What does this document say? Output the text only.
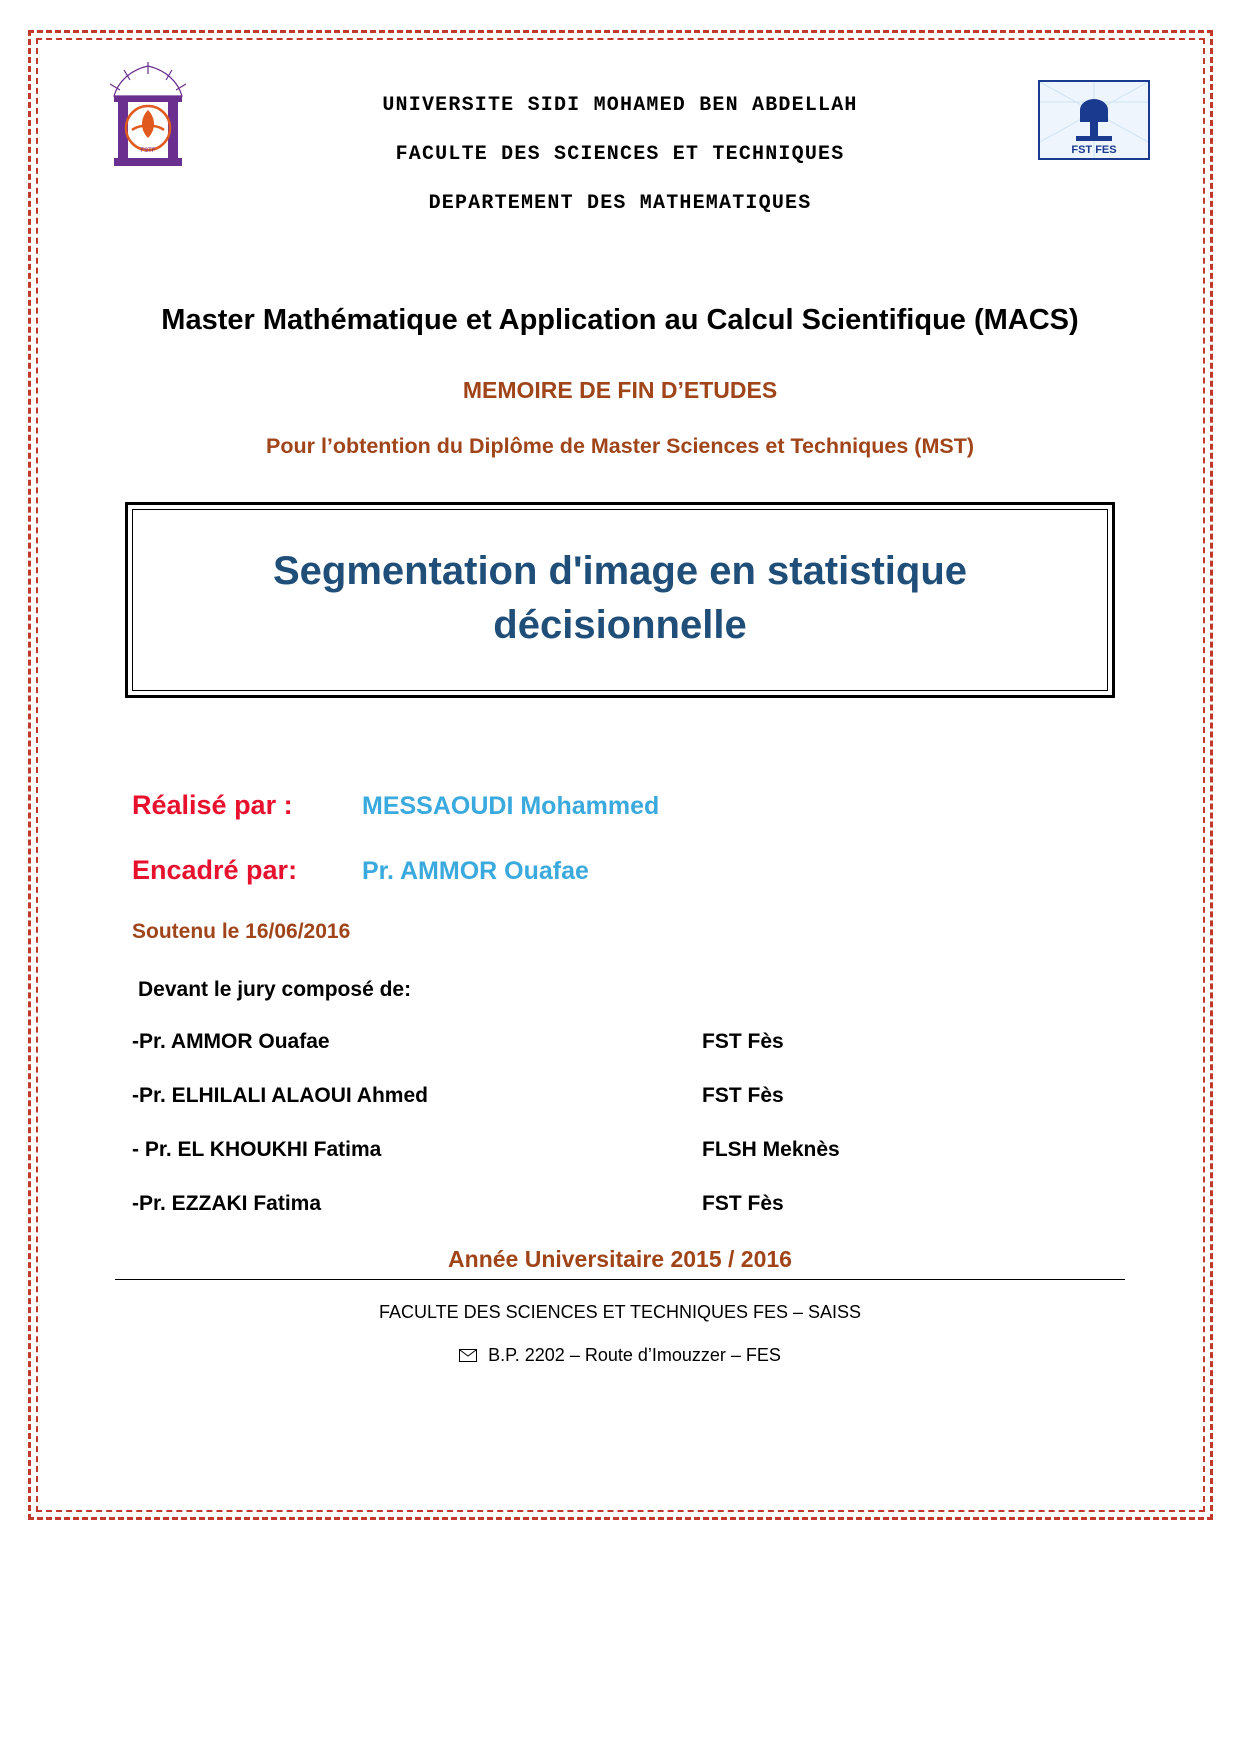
FSTF
UNIVERSITE SIDI MOHAMED BEN ABDELLAH
FACULTE DES SCIENCES ET TECHNIQUES
DEPARTEMENT DES MATHEMATIQUES
FST FES
Master Mathématique et Application au Calcul Scientifique (MACS)
MEMOIRE DE FIN D’ETUDES
Pour l’obtention du Diplôme de Master Sciences et Techniques (MST)
Segmentation d'image en statistique décisionnelle
Réalisé par :	MESSAOUDI Mohammed
Encadré par:	Pr. AMMOR Ouafae
Soutenu le 16/06/2016
Devant le jury composé de:
-Pr. AMMOR Ouafae	FST Fès
-Pr. ELHILALI ALAOUI Ahmed	FST Fès
- Pr. EL KHOUKHI Fatima	FLSH Meknès
-Pr. EZZAKI Fatima	FST Fès
Année Universitaire 2015 / 2016
FACULTE DES SCIENCES ET TECHNIQUES FES – SAISS
B.P. 2202 – Route d’Imouzzer – FES
